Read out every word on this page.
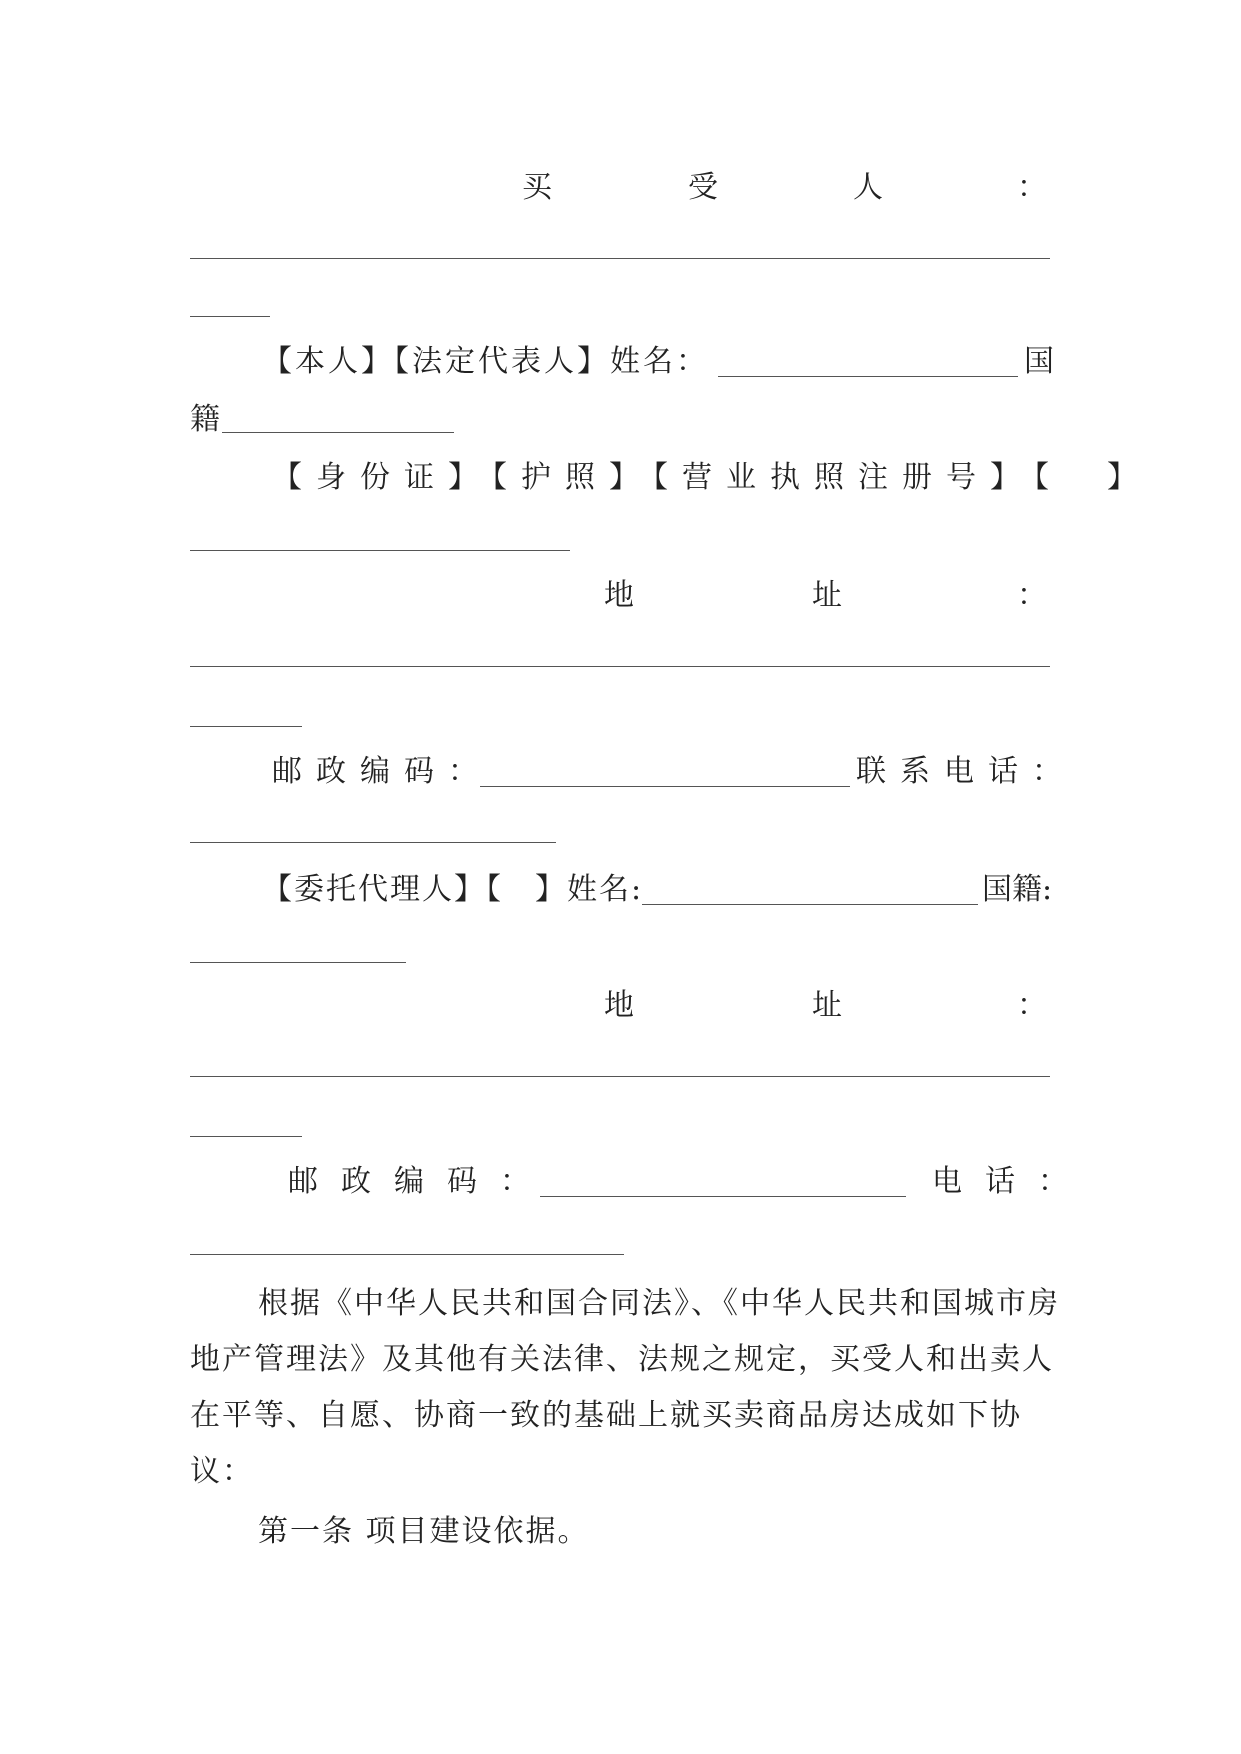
买	受	人	：
【本人】【法定代表人】姓名：	国
籍
【身份证】【护照】【营业执照注册号】【　】
地	址	：
邮政编码：	联系电话：
【委托代理人】【　】姓名:	国籍:
地	址	：
邮政编码：	电话：
根据《中华人民共和国合同法》、《中华人民共和国城市房地产管理法》及其他有关法律、法规之规定，买受人和出卖人在平等、自愿、协商一致的基础上就买卖商品房达成如下协议：
第一条 项目建设依据。
